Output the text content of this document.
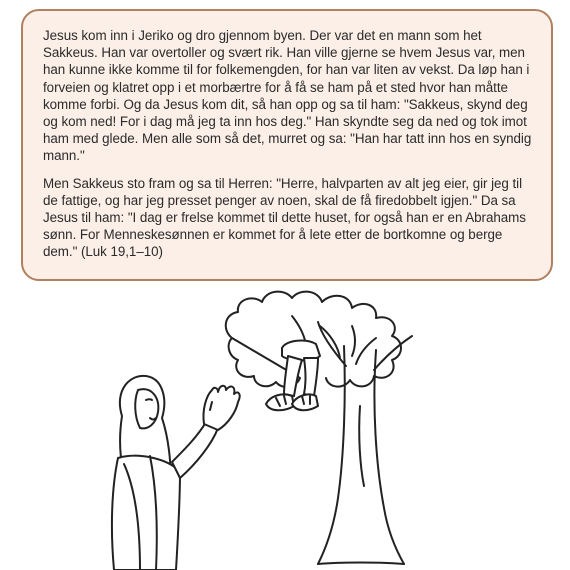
Jesus kom inn i Jeriko og dro gjennom byen. Der var det en mann som het Sakkeus. Han var overtoller og svært rik. Han ville gjerne se hvem Jesus var, men han kunne ikke komme til for folkemengden, for han var liten av vekst. Da løp han i forveien og klatret opp i et morbærtre for å få se ham på et sted hvor han måtte komme forbi. Og da Jesus kom dit, så han opp og sa til ham: "Sakkeus, skynd deg og kom ned! For i dag må jeg ta inn hos deg." Han skyndte seg da ned og tok imot ham med glede. Men alle som så det, murret og sa: "Han har tatt inn hos en syndig mann."

Men Sakkeus sto fram og sa til Herren: "Herre, halvparten av alt jeg eier, gir jeg til de fattige, og har jeg presset penger av noen, skal de få firedobbelt igjen." Da sa Jesus til ham: "I dag er frelse kommet til dette huset, for også han er en Abrahams sønn. For Menneskesønnen er kommet for å lete etter de bortkomne og berge dem." (Luk 19,1–10)
